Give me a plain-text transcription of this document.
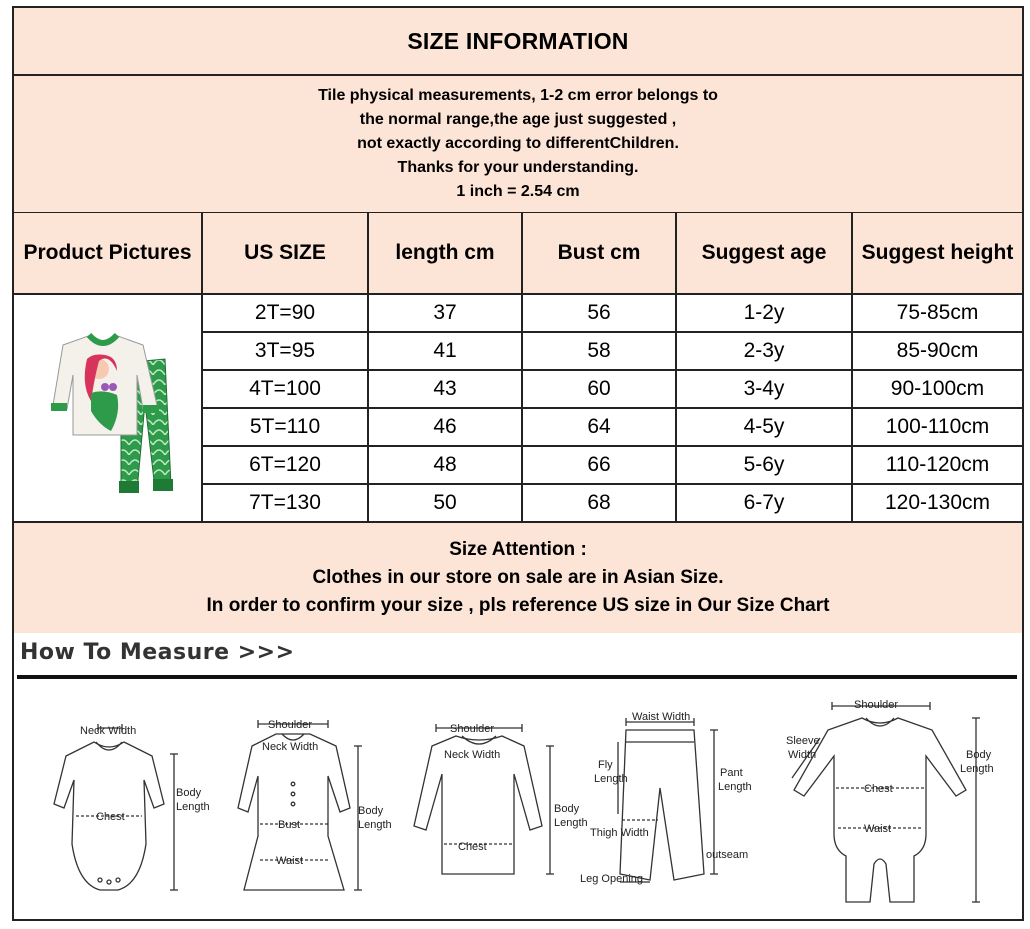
SIZE INFORMATION
Tile physical measurements, 1-2 cm error belongs to
the normal range,the age just suggested ,
not exactly according to differentChildren.
Thanks for your understanding.
1 inch = 2.54 cm
Product Pictures	US SIZE	length cm	Bust cm	Suggest age	Suggest height
	2T=90	37	56	1-2y	75-85cm
	3T=95	41	58	2-3y	85-90cm
	4T=100	43	60	3-4y	90-100cm
	5T=110	46	64	4-5y	100-110cm
	6T=120	48	66	5-6y	110-120cm
	7T=130	50	68	6-7y	120-130cm
Size Attention :
Clothes in our store on sale are in Asian Size.
In order to confirm your size , pls reference US size in Our Size Chart
How To Measure >>>
Neck Width
Chest
Body
Length
Shoulder
Neck Width
Bust
Waist
Body
Length
Shoulder
Neck Width
Chest
Body
Length
Waist Width
Fly
Length	Pant
Length
Thigh Width
outseam
Leg Opening
Shoulder
Sleeve
Width	Body
Length
Chest
Waist
